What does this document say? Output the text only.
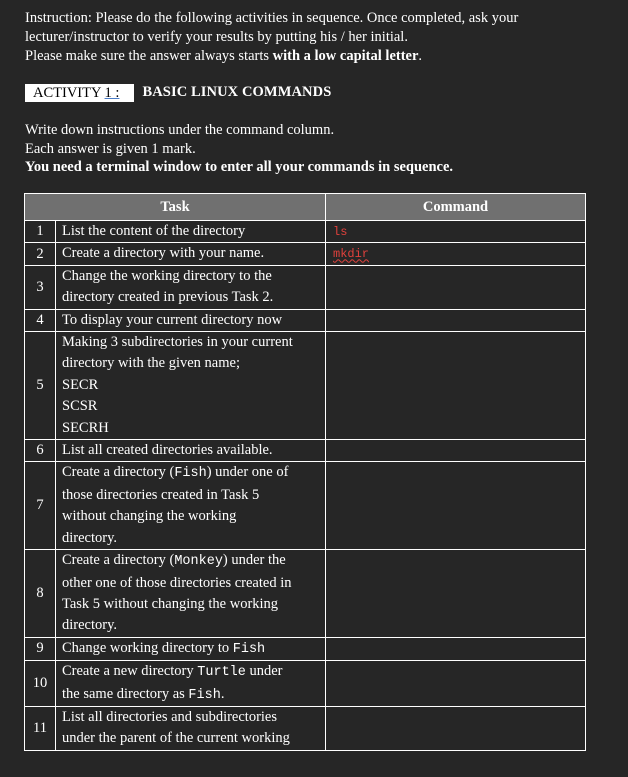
Instruction: Please do the following activities in sequence. Once completed, ask your

lecturer/instructor to verify your results by putting his / her initial.

Please make sure the answer always starts with a low capital letter.

ACTIVITY 1 :	BASIC LINUX COMMANDS

Write down instructions under the command column.

Each answer is given 1 mark.

You need a terminal window to enter all your commands in sequence.

Task		Command
1	List the content of the directory	ls
2	Create a directory with your name.	mkdir
3	Change the working directory to the
directory created in previous Task 2.	

4	To display your current directory now	

5	Making 3 subdirectories in your current
directory with the given name;
SECR
SCSR
SECRH	

6	List all created directories available.	

7	Create a directory (Fish) under one of
those directories created in Task 5
without changing the working
directory.	

8	Create a directory (Monkey) under the
other one of those directories created in
Task 5 without changing the working
directory.	

9	Change working directory to Fish	

10	Create a new directory Turtle under
the same directory as Fish.	

11	List all directories and subdirectories
under the parent of the current working	
